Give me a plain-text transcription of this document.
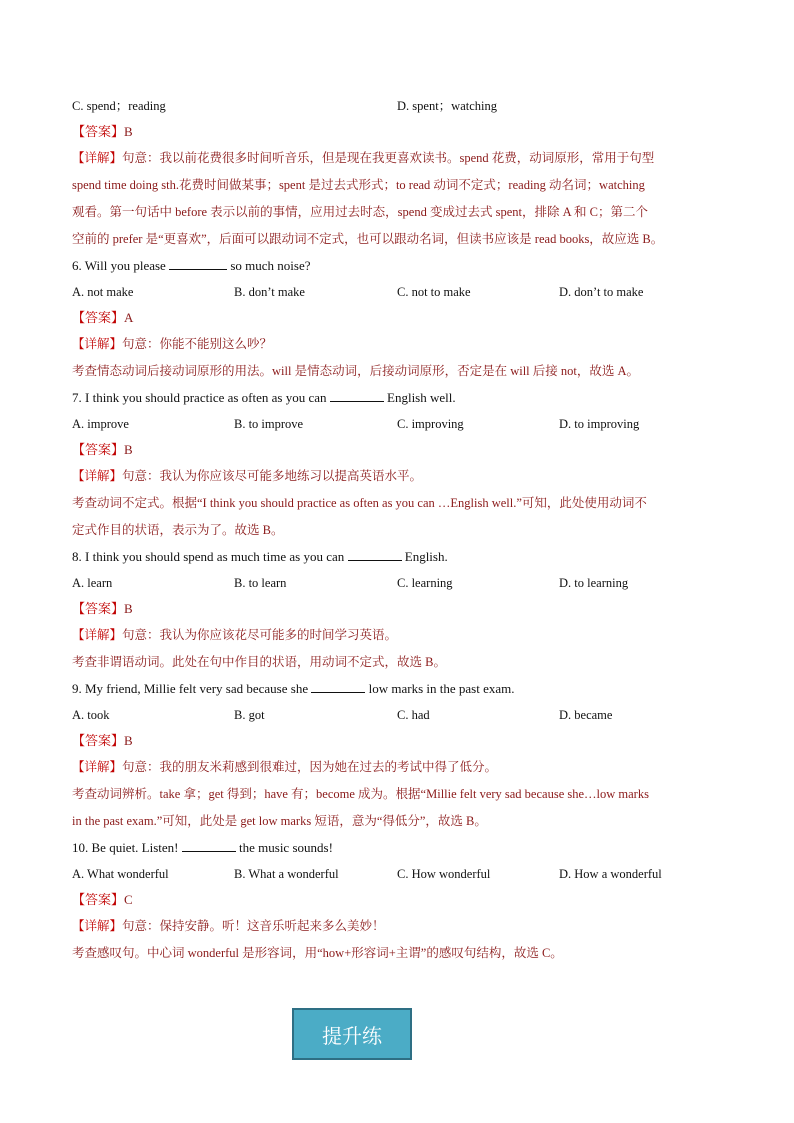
C. spend；reading	D. spent；watching
【答案】B
【详解】句意：我以前花费很多时间听音乐，但是现在我更喜欢读书。spend 花费，动词原形，常用于句型
spend time doing sth.花费时间做某事；spent 是过去式形式；to read 动词不定式；reading 动名词；watching
观看。第一句话中 before 表示以前的事情，应用过去时态，spend 变成过去式 spent，排除 A 和 C；第二个
空前的 prefer 是“更喜欢”，后面可以跟动词不定式，也可以跟动名词，但读书应该是 read books，故应选 B。
6. Will you please	so much noise?
A. not make	B. don’t make	C. not to make	D. don’t to make
【答案】A
【详解】句意：你能不能别这么吵？
考查情态动词后接动词原形的用法。will 是情态动词，后接动词原形，否定是在 will 后接 not，故选 A。
7. I think you should practice as often as you can	English well.
A. improve	B. to improve	C. improving	D. to improving
【答案】B
【详解】句意：我认为你应该尽可能多地练习以提高英语水平。
考查动词不定式。根据“I think you should practice as often as you can …English well.”可知，此处使用动词不
定式作目的状语，表示为了。故选 B。
8. I think you should spend as much time as you can	English.
A. learn	B. to learn	C. learning	D. to learning
【答案】B
【详解】句意：我认为你应该花尽可能多的时间学习英语。
考查非谓语动词。此处在句中作目的状语，用动词不定式，故选 B。
9. My friend, Millie felt very sad because she	low marks in the past exam.
A. took	B. got	C. had	D. became
【答案】B
【详解】句意：我的朋友米莉感到很难过，因为她在过去的考试中得了低分。
考查动词辨析。take 拿；get 得到；have 有；become 成为。根据“Millie felt very sad because she…low marks
in the past exam.”可知，此处是 get low marks 短语，意为“得低分”，故选 B。
10. Be quiet. Listen!	the music sounds!
A. What wonderful	B. What a wonderful	C. How wonderful	D. How a wonderful
【答案】C
【详解】句意：保持安静。听！这音乐听起来多么美妙！
考查感叹句。中心词 wonderful 是形容词，用“how+形容词+主谓”的感叹句结构，故选 C。
提升练
